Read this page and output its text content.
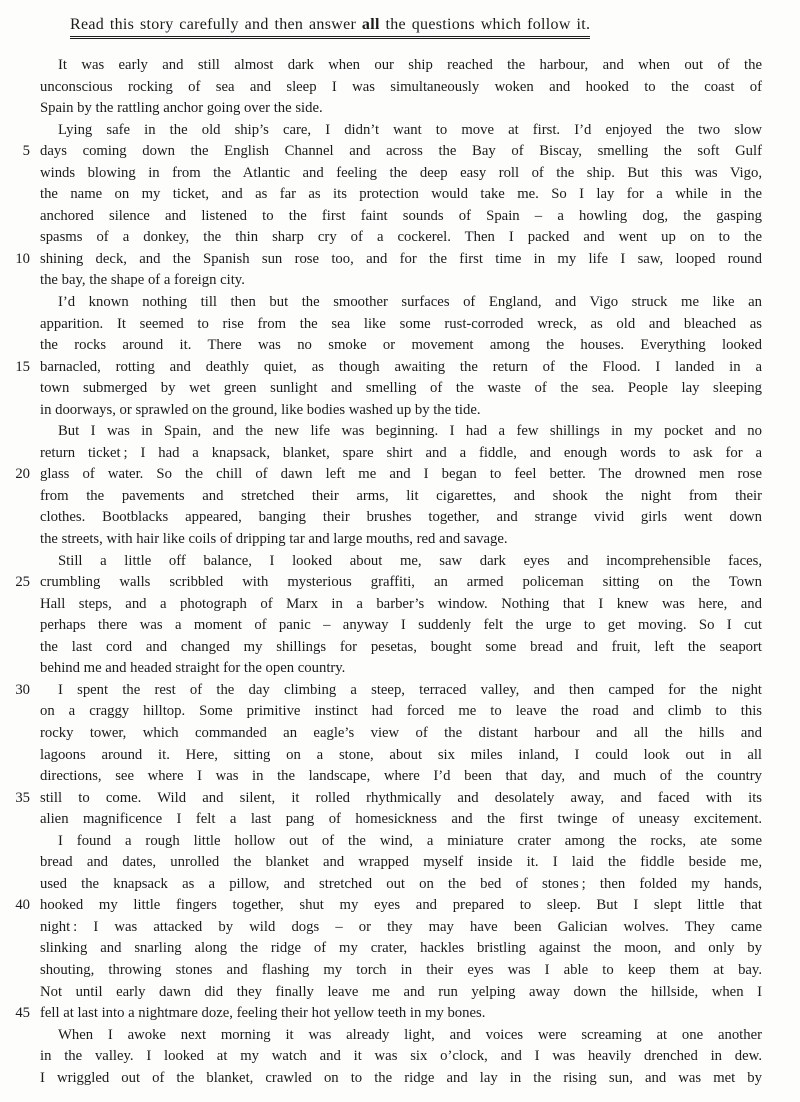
Read this story carefully and then answer all the questions which follow it.
It was early and still almost dark when our ship reached the harbour, and when out of the
unconscious rocking of sea and sleep I was simultaneously woken and hooked to the coast of
Spain by the rattling anchor going over the side.
Lying safe in the old ship’s care, I didn’t want to move at first. I’d enjoyed the two slow
5 days coming down the English Channel and across the Bay of Biscay, smelling the soft Gulf
winds blowing in from the Atlantic and feeling the deep easy roll of the ship. But this was Vigo,
the name on my ticket, and as far as its protection would take me. So I lay for a while in the
anchored silence and listened to the first faint sounds of Spain – a howling dog, the gasping
spasms of a donkey, the thin sharp cry of a cockerel. Then I packed and went up on to the
10 shining deck, and the Spanish sun rose too, and for the first time in my life I saw, looped round
the bay, the shape of a foreign city.
I’d known nothing till then but the smoother surfaces of England, and Vigo struck me like an
apparition. It seemed to rise from the sea like some rust-corroded wreck, as old and bleached as
the rocks around it. There was no smoke or movement among the houses. Everything looked
15 barnacled, rotting and deathly quiet, as though awaiting the return of the Flood. I landed in a
town submerged by wet green sunlight and smelling of the waste of the sea. People lay sleeping
in doorways, or sprawled on the ground, like bodies washed up by the tide.
But I was in Spain, and the new life was beginning. I had a few shillings in my pocket and no
return ticket ; I had a knapsack, blanket, spare shirt and a fiddle, and enough words to ask for a
20 glass of water. So the chill of dawn left me and I began to feel better. The drowned men rose
from the pavements and stretched their arms, lit cigarettes, and shook the night from their
clothes. Bootblacks appeared, banging their brushes together, and strange vivid girls went down
the streets, with hair like coils of dripping tar and large mouths, red and savage.
Still a little off balance, I looked about me, saw dark eyes and incomprehensible faces,
25 crumbling walls scribbled with mysterious graffiti, an armed policeman sitting on the Town
Hall steps, and a photograph of Marx in a barber’s window. Nothing that I knew was here, and
perhaps there was a moment of panic – anyway I suddenly felt the urge to get moving. So I cut
the last cord and changed my shillings for pesetas, bought some bread and fruit, left the seaport
behind me and headed straight for the open country.
30	I spent the rest of the day climbing a steep, terraced valley, and then camped for the night
on a craggy hilltop. Some primitive instinct had forced me to leave the road and climb to this
rocky tower, which commanded an eagle’s view of the distant harbour and all the hills and
lagoons around it. Here, sitting on a stone, about six miles inland, I could look out in all
directions, see where I was in the landscape, where I’d been that day, and much of the country
35 still to come. Wild and silent, it rolled rhythmically and desolately away, and faced with its
alien magnificence I felt a last pang of homesickness and the first twinge of uneasy excitement.
I found a rough little hollow out of the wind, a miniature crater among the rocks, ate some
bread and dates, unrolled the blanket and wrapped myself inside it. I laid the fiddle beside me,
used the knapsack as a pillow, and stretched out on the bed of stones ; then folded my hands,
40 hooked my little fingers together, shut my eyes and prepared to sleep. But I slept little that
night : I was attacked by wild dogs – or they may have been Galician wolves. They came
slinking and snarling along the ridge of my crater, hackles bristling against the moon, and only by
shouting, throwing stones and flashing my torch in their eyes was I able to keep them at bay.
Not until early dawn did they finally leave me and run yelping away down the hillside, when I
45 fell at last into a nightmare doze, feeling their hot yellow teeth in my bones.
When I awoke next morning it was already light, and voices were screaming at one another
in the valley. I looked at my watch and it was six o’clock, and I was heavily drenched in dew.
I wriggled out of the blanket, crawled on to the ridge and lay in the rising sun, and was met by
